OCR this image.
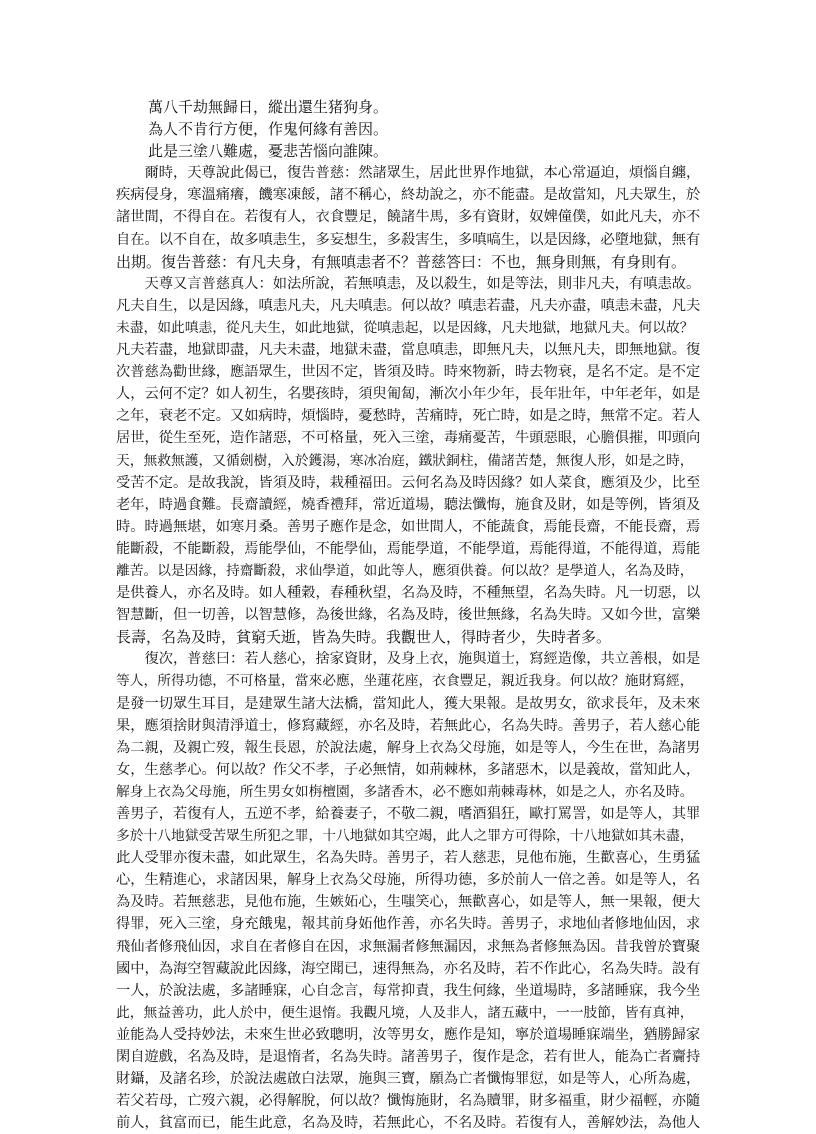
萬八千劫無歸日，縱出還生猪狗身。
為人不肯行方便，作鬼何緣有善因。
此是三塗八難處，憂悲苦惱向誰陳。
　　爾時，天尊說此偈已，復告普慈：然諸眾生，居此世界作地獄，本心常逼迫，煩惱自纏，
疾病侵身，寒溫痛癢，饑寒凍餒，諸不稱心，終劫說之，亦不能盡。是故當知，凡夫眾生，於
諸世間，不得自在。若復有人，衣食豐足，饒諸牛馬，多有資財，奴婢僮僕，如此凡夫，亦不
自在。以不自在，故多嗔恚生，多妄想生，多殺害生，多嗔嗃生，以是因緣，必墮地獄，無有
出期。復告普慈：有凡夫身，有無嗔恚者不？普慈答曰：不也，無身則無，有身則有。
　　天尊又言普慈真人：如法所說，若無嗔恚，及以殺生，如是等法，則非凡夫，有嗔恚故。
凡夫自生，以是因緣，嗔恚凡夫，凡夫嗔恚。何以故？嗔恚若盡，凡夫亦盡，嗔恚未盡，凡夫
未盡，如此嗔恚，從凡夫生，如此地獄，從嗔恚起，以是因緣，凡夫地獄，地獄凡夫。何以故？
凡夫若盡，地獄即盡，凡夫未盡，地獄未盡，當息嗔恚，即無凡夫，以無凡夫，即無地獄。復
次普慈為勸世緣，應語眾生，世因不定，皆須及時。時來物新，時去物衰，是名不定。是不定
人，云何不定？如人初生，名嬰孩時，須臾匍匐，漸次小年少年，長年壯年，中年老年，如是
之年，衰老不定。又如病時，煩惱時，憂愁時，苦痛時，死亡時，如是之時，無常不定。若人
居世，從生至死，造作諸惡，不可格量，死入三塗，毒痛憂苦，牛頭惡眼，心膽俱摧，叩頭向
天，無救無護，又循劍樹，入於鑊湯，寒冰冶庭，鐵狀銅柱，備諸苦楚，無復人形，如是之時，
受苦不定。是故我說，皆須及時，栽種福田。云何名為及時因緣？如人菜食，應須及少，比至
老年，時過食難。長齋讀經，燒香禮拜，常近道場，聽法懺悔，施食及財，如是等例，皆須及
時。時過無堪，如寒月桑。善男子應作是念，如世間人，不能蔬食，焉能長齋，不能長齋，焉
能斷殺，不能斷殺，焉能學仙，不能學仙，焉能學道，不能學道，焉能得道，不能得道，焉能
離苦。以是因緣，持齋斷殺，求仙學道，如此等人，應須供養。何以故？是學道人，名為及時，
是供養人，亦名及時。如人種穀，春種秋望，名為及時，不種無望，名為失時。凡一切惡，以
智慧斷，但一切善，以智慧修，為後世緣，名為及時，後世無緣，名為失時。又如今世，富樂
長壽，名為及時，貧窮夭逝，皆為失時。我觀世人，得時者少，失時者多。
　　復次，普慈曰：若人慈心，捨家資財，及身上衣，施與道士，寫經造像，共立善根，如是
等人，所得功德，不可格量，當來必應，坐蓮花座，衣食豐足，親近我身。何以故？施財寫經，
是發一切眾生耳目，是建眾生諸大法橋，當知此人，獲大果報。是故男女，欲求長年，及未來
果，應須捨財與清淨道士，修寫藏經，亦名及時，若無此心，名為失時。善男子，若人慈心能
為二親，及親亡歿，報生長恩，於說法處，解身上衣為父母施，如是等人，今生在世，為諸男
女，生慈孝心。何以故？作父不孝，子必無情，如荊棘林，多諸惡木，以是義故，當知此人，
解身上衣為父母施，所生男女如栴檀園，多諸香木，必不應如荊棘毒林，如是之人，亦名及時。
善男子，若復有人，五逆不孝，給養妻子，不敬二親，嗜酒猖狂，歐打罵詈，如是等人，其罪
多於十八地獄受苦眾生所犯之罪，十八地獄如其空竭，此人之罪方可得除，十八地獄如其未盡，
此人受罪亦復未盡，如此眾生，名為失時。善男子，若人慈悲，見他布施，生歡喜心，生勇猛
心，生精進心，求諸因果，解身上衣為父母施，所得功德，多於前人一倍之善。如是等人，名
為及時。若無慈悲，見他布施，生嫉妬心，生嗤笑心，無歡喜心，如是等人，無一果報，便大
得罪，死入三塗，身充餓鬼，報其前身妬他作善，亦名失時。善男子，求地仙者修地仙因，求
飛仙者修飛仙因，求自在者修自在因，求無漏者修無漏因，求無為者修無為因。昔我曾於寶聚
國中，為海空智藏說此因緣，海空聞已，速得無為，亦名及時，若不作此心，名為失時。設有
一人，於說法處，多諸睡寐，心自念言，每常抑責，我生何緣，坐道場時，多諸睡寐，我今坐
此，無益善功，此人於中，便生退惰。我觀凡境，人及非人，諸五藏中，一一肢節，皆有真神，
並能為人受持妙法，未來生世必致聰明，汝等男女，應作是知，寧於道場睡寐端坐，猶勝歸家
閑自遊戲，名為及時，是退惰者，名為失時。諸善男子，復作是念，若有世人，能為亡者齎持
財鑷，及諸名珍，於說法處啟白法眾，施與三寶，願為亡者懺悔罪愆，如是等人，心所為處，
若父若母，亡歿六親，必得解脫，何以故？懺悔施財，名為贖罪，財多福重，財少福輕，亦隨
前人，貧富而已，能生此意，名為及時，若無此心，不名及時。若復有人，善解妙法，為他人
